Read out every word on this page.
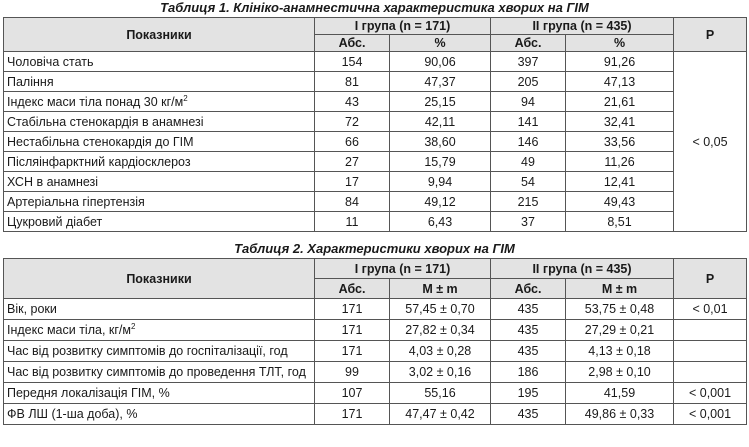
Таблиця 1. Клініко-анамнестична характеристика хворих на ГІМ
Показники	I група (n = 171)		II група (n = 435)		P
	Абс.	%	Абс.	%	
Чоловіча стать	154	90,06	397	91,26	< 0,05
Паління	81	47,37	205	47,13	
Індекс маси тіла понад 30 $кг/м^2$	43	25,15	94	21,61	
Стабільна стенокардія в анамнезі	72	42,11	141	32,41	
Нестабільна стенокардія до ГІМ	66	38,60	146	33,56	
Післяінфарктний кардіосклероз	27	15,79	49	11,26	
ХСН в анамнезі	17	9,94	54	12,41	
Артеріальна гіпертензія	84	49,12	215	49,43	
Цукровий діабет	11	6,43	37	8,51	
Таблиця 2. Характеристики хворих на ГІМ
Показники	I група (n = 171)		II група (n = 435)		P
	Абс.	M ± m	Абс.	M ± m	
Вік, роки	171	57,45 ± 0,70	435	53,75 ± 0,48	< 0,01
Індекс маси тіла, $кг/м^2$	171	27,82 ± 0,34	435	27,29 ± 0,21	
Час від розвитку симптомів до госпіталізації, год	171	4,03 ± 0,28	435	4,13 ± 0,18	
Час від розвитку симптомів до проведення ТЛТ, год	99	3,02 ± 0,16	186	2,98 ± 0,10	
Передня локалізація ГІМ, %	107	55,16	195	41,59	< 0,001
ФВ ЛШ (1-ша доба), %	171	47,47 ± 0,42	435	49,86 ± 0,33	< 0,001
